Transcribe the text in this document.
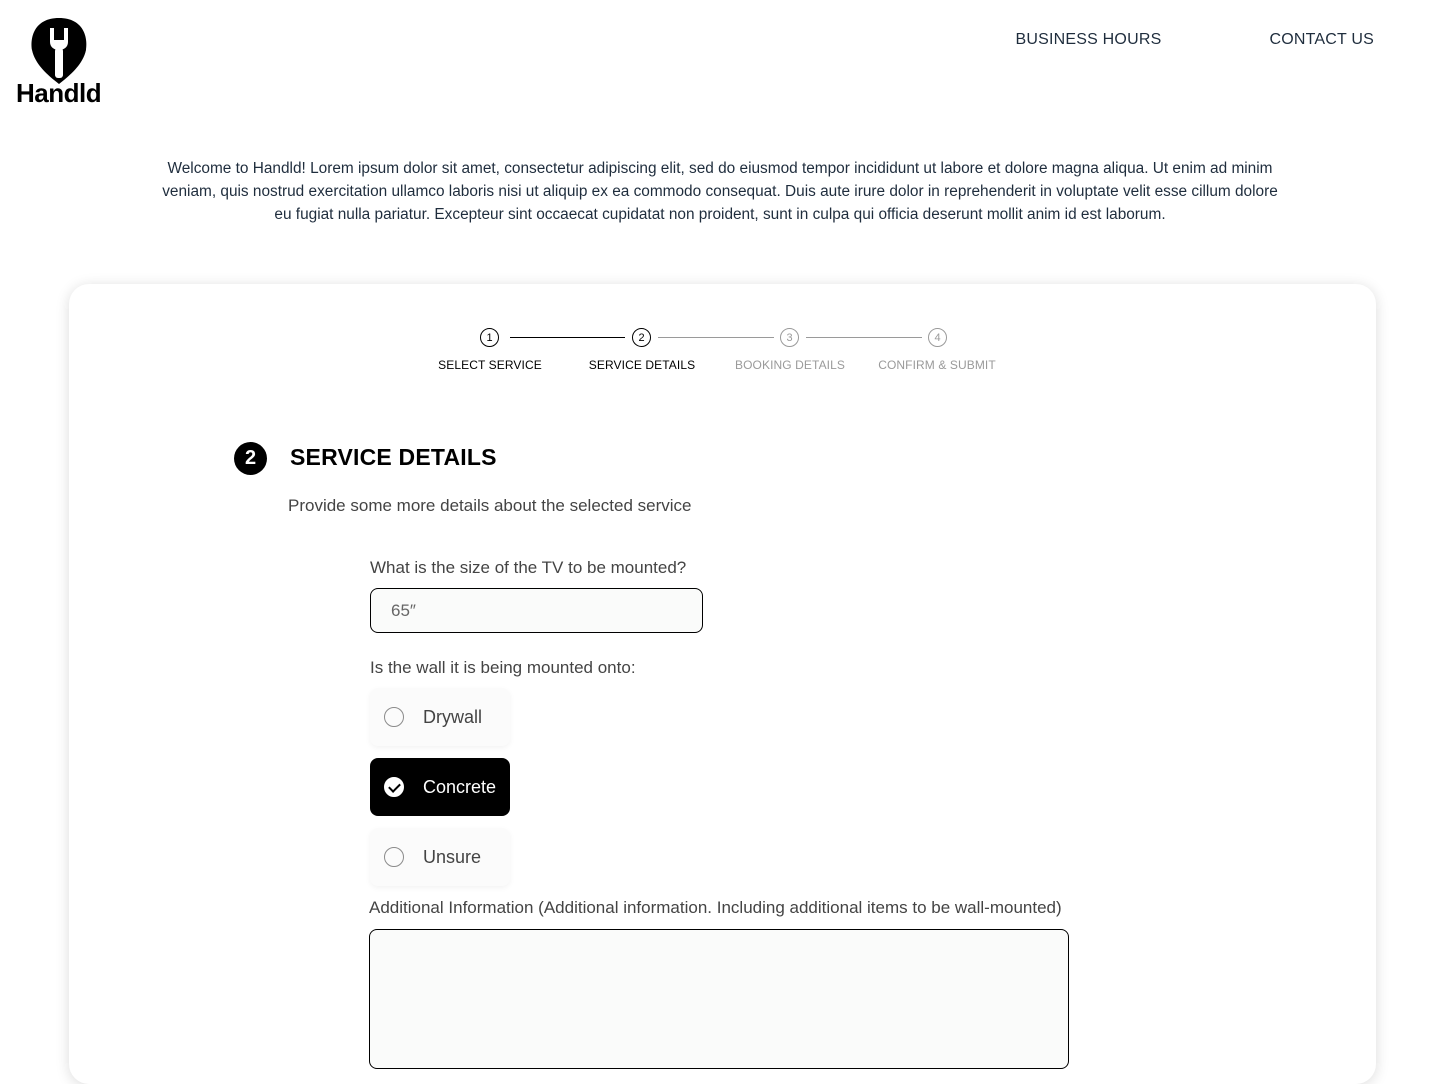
Handld
BUSINESS HOURS	CONTACT US

Welcome to Handld! Lorem ipsum dolor sit amet, consectetur adipiscing elit, sed do eiusmod tempor incididunt ut labore et dolore magna aliqua. Ut enim ad minim veniam, quis nostrud exercitation ullamco laboris nisi ut aliquip ex ea commodo consequat. Duis aute irure dolor in reprehenderit in voluptate velit esse cillum dolore eu fugiat nulla pariatur. Excepteur sint occaecat cupidatat non proident, sunt in culpa qui officia deserunt mollit anim id est laborum.

1	2	3	4
SELECT SERVICE	SERVICE DETAILS	BOOKING DETAILS	CONFIRM & SUBMIT
2	SERVICE DETAILS
Provide some more details about the selected service
What is the size of the TV to be mounted?
65″
Is the wall it is being mounted onto:
Drywall
Concrete
Unsure
Additional Information (Additional information. Including additional items to be wall-mounted)
